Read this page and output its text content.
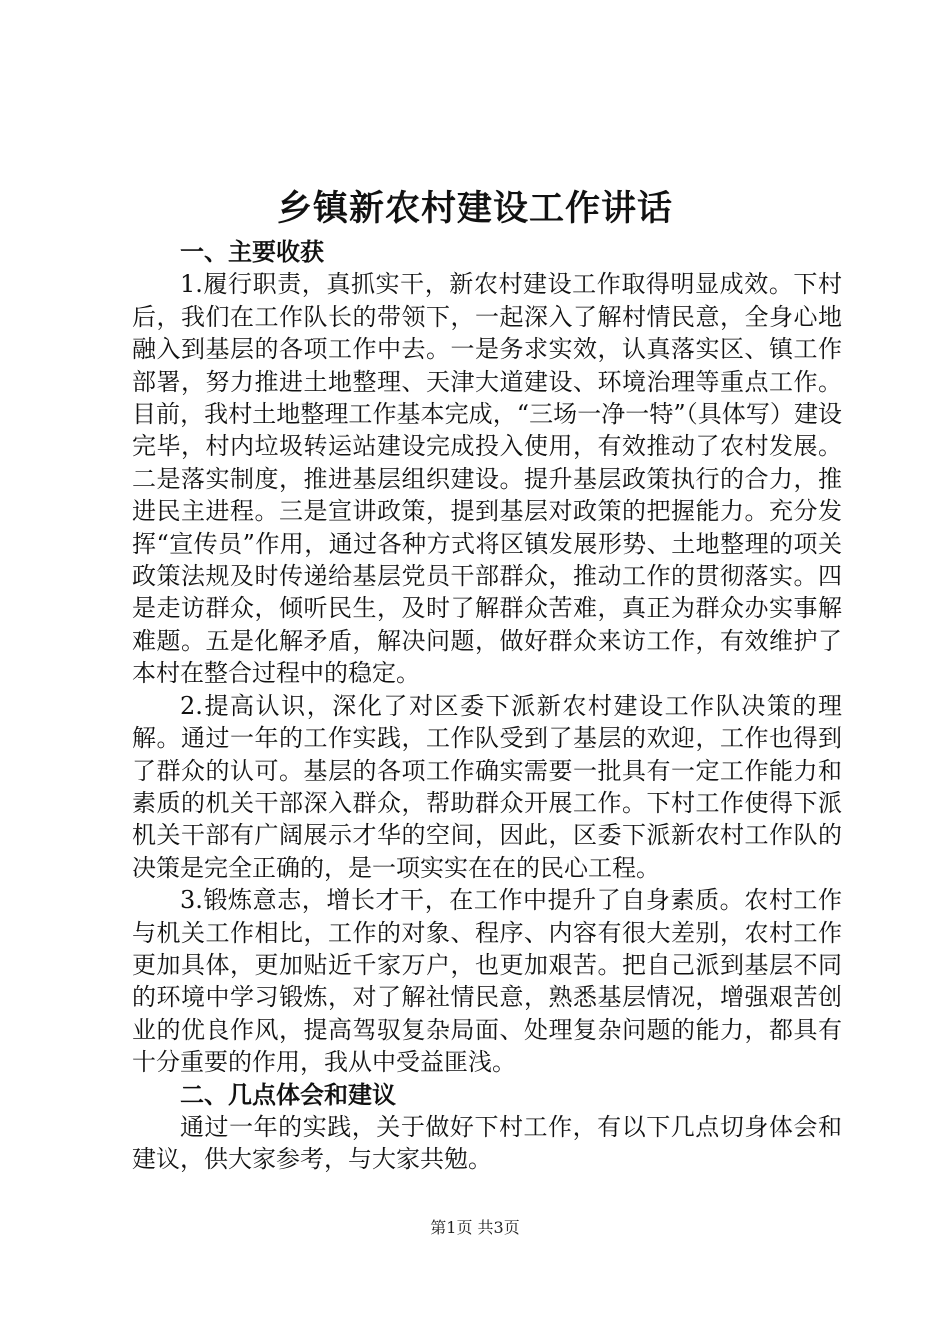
乡镇新农村建设工作讲话
一、主要收获

1.履行职责，真抓实干，新农村建设工作取得明显成效。下村后，我们在工作队长的带领下，一起深入了解村情民意，全身心地融入到基层的各项工作中去。一是务求实效，认真落实区、镇工作部署，努力推进土地整理、天津大道建设、环境治理等重点工作。目前，我村土地整理工作基本完成，“三场一净一特”（具体写）建设完毕，村内垃圾转运站建设完成投入使用，有效推动了农村发展。二是落实制度，推进基层组织建设。提升基层政策执行的合力，推进民主进程。三是宣讲政策，提到基层对政策的把握能力。充分发挥“宣传员”作用，通过各种方式将区镇发展形势、土地整理的项关政策法规及时传递给基层党员干部群众，推动工作的贯彻落实。四是走访群众，倾听民生，及时了解群众苦难，真正为群众办实事解难题。五是化解矛盾，解决问题，做好群众来访工作，有效维护了本村在整合过程中的稳定。

2.提高认识，深化了对区委下派新农村建设工作队决策的理解。通过一年的工作实践，工作队受到了基层的欢迎，工作也得到了群众的认可。基层的各项工作确实需要一批具有一定工作能力和素质的机关干部深入群众，帮助群众开展工作。下村工作使得下派机关干部有广阔展示才华的空间，因此，区委下派新农村工作队的决策是完全正确的，是一项实实在在的民心工程。

3.锻炼意志，增长才干，在工作中提升了自身素质。农村工作与机关工作相比，工作的对象、程序、内容有很大差别，农村工作更加具体，更加贴近千家万户，也更加艰苦。把自己派到基层不同的环境中学习锻炼，对了解社情民意，熟悉基层情况，增强艰苦创业的优良作风，提高驾驭复杂局面、处理复杂问题的能力，都具有十分重要的作用，我从中受益匪浅。

二、几点体会和建议

通过一年的实践，关于做好下村工作，有以下几点切身体会和建议，供大家参考，与大家共勉。

第1页 共3页
